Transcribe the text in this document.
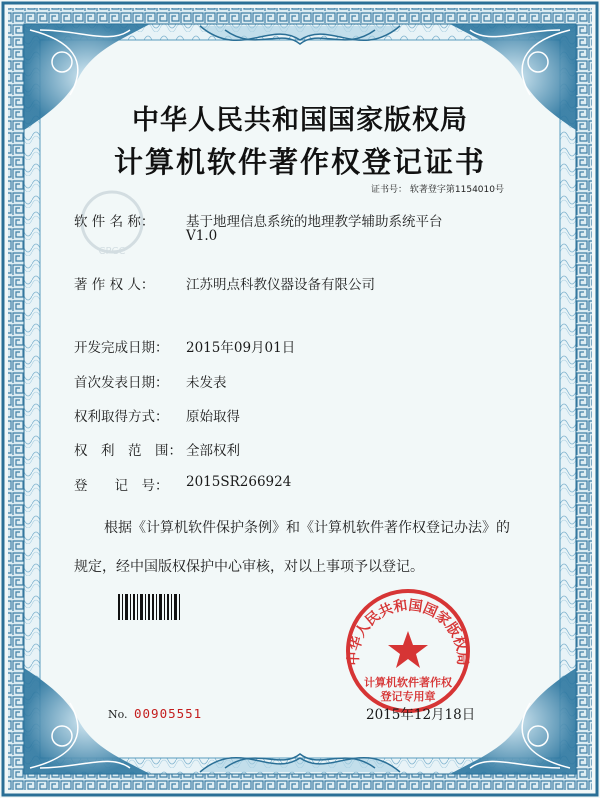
CPCC
中华人民共和国国家版权局
计算机软件著作权
登记专用章
中华人民共和国国家版权局
计算机软件著作权登记证书
证书号： 软著登字第1154010号
软 件 名 称： 基于地理信息系统的地理教学辅助系统平台
V1.0
著 作 权 人： 江苏明点科教仪器设备有限公司
开发完成日期： 2015年09月01日
首次发表日期： 未发表
权利取得方式： 原始取得
权　利　范　围： 全部权利
登　　记　号： 2015SR266924
根据《计算机软件保护条例》和《计算机软件著作权登记办法》的
规定，经中国版权保护中心审核，对以上事项予以登记。
No. 00905551	2015年12月18日
